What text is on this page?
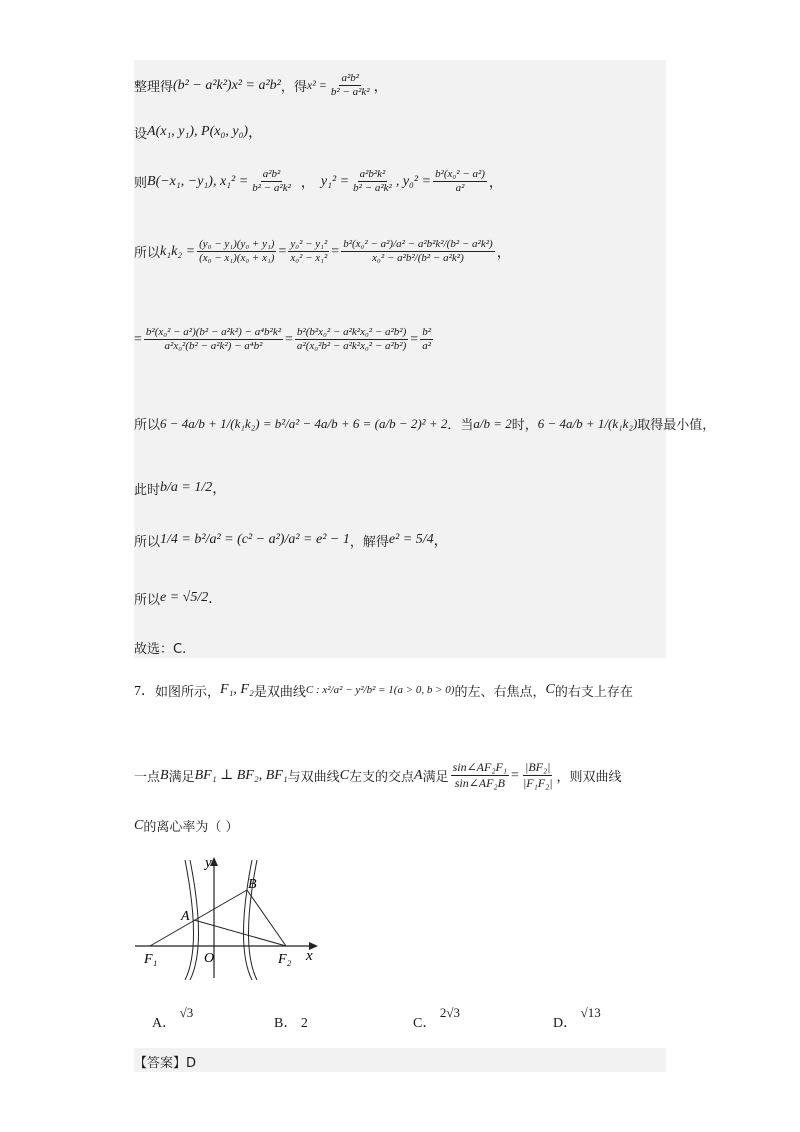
整理得 (b² − a²k²)x² = a²b² ，得 $x^2 = \frac{\text{a²b²}}{\text{b² − a²k²}}$ ，
设 A(x₁, y₁), P(x₀, y₀) ，
则 B(−x₁, −y₁), $x_1^2 = \frac{\text{a²b²}}{\text{b² − a²k²}}$ ， $y_1^2 = \frac{\text{a²b²k²}}{\text{b² − a²k²}}$ , $y_0^2 = \frac{\text{b²(x₀² − a²)}}{\text{a²}}$ ，
所以 $k_1k_2 = \frac{\text{(y₀ − y₁)(y₀ + y₁)}}{\text{(x₀ − x₁)(x₀ + x₁)}} = \frac{\text{y₀² − y₁²}}{\text{x₀² − x₁²}} = \frac{\text{b²(x₀² − a²)/a² − a²b²k²/(b² − a²k²)}}{\text{x₀² − a²b²/(b² − a²k²)}}$ ，
= $\frac{\text{b²(x₀² − a²)(b² − a²k²) − a⁴b²k²}}{\text{a²x₀²(b² − a²k²) − a⁴b²}} = \frac{\text{b²(b²x₀² − a²k²x₀² − a²b²)}}{\text{a²(x₀²b² − a²k²x₀² − a²b²)}} = \frac{\text{b²}}{\text{a²}}$
所以 6 − 4a/b + 1/(k₁k₂) = b²/a² − 4a/b + 6 = (a/b − 2)² + 2 ．当 a/b = 2 时， 6 − 4a/b + 1/(k₁k₂) 取得最小值，
此时 b/a = 1/2 ，
所以 1/4 = b²/a² = (c² − a²)/a² = e² − 1 ，解得 e² = 5/4 ，
所以 e = √5/2 ．
故选：C.
7． 如图所示， F₁, F₂ 是双曲线 C : x²/a² − y²/b² = 1(a > 0, b > 0) 的左、右焦点， C 的右支上存在
一点 B 满足 BF₁ ⊥ BF₂, BF₁ 与双曲线 C 左支的交点 A 满足 $\frac{\text{sin∠AF₂F₁}}{\text{sin∠AF₂B}} = \frac{\text{|BF₂|}}{\text{|F₁F₂|}}$ ，则双曲线
C 的离心率为（ ）
y
x
O
A
B
F₁	F₂
A． √3
B． 2	C． 2√3
D． √13
【答案】D
